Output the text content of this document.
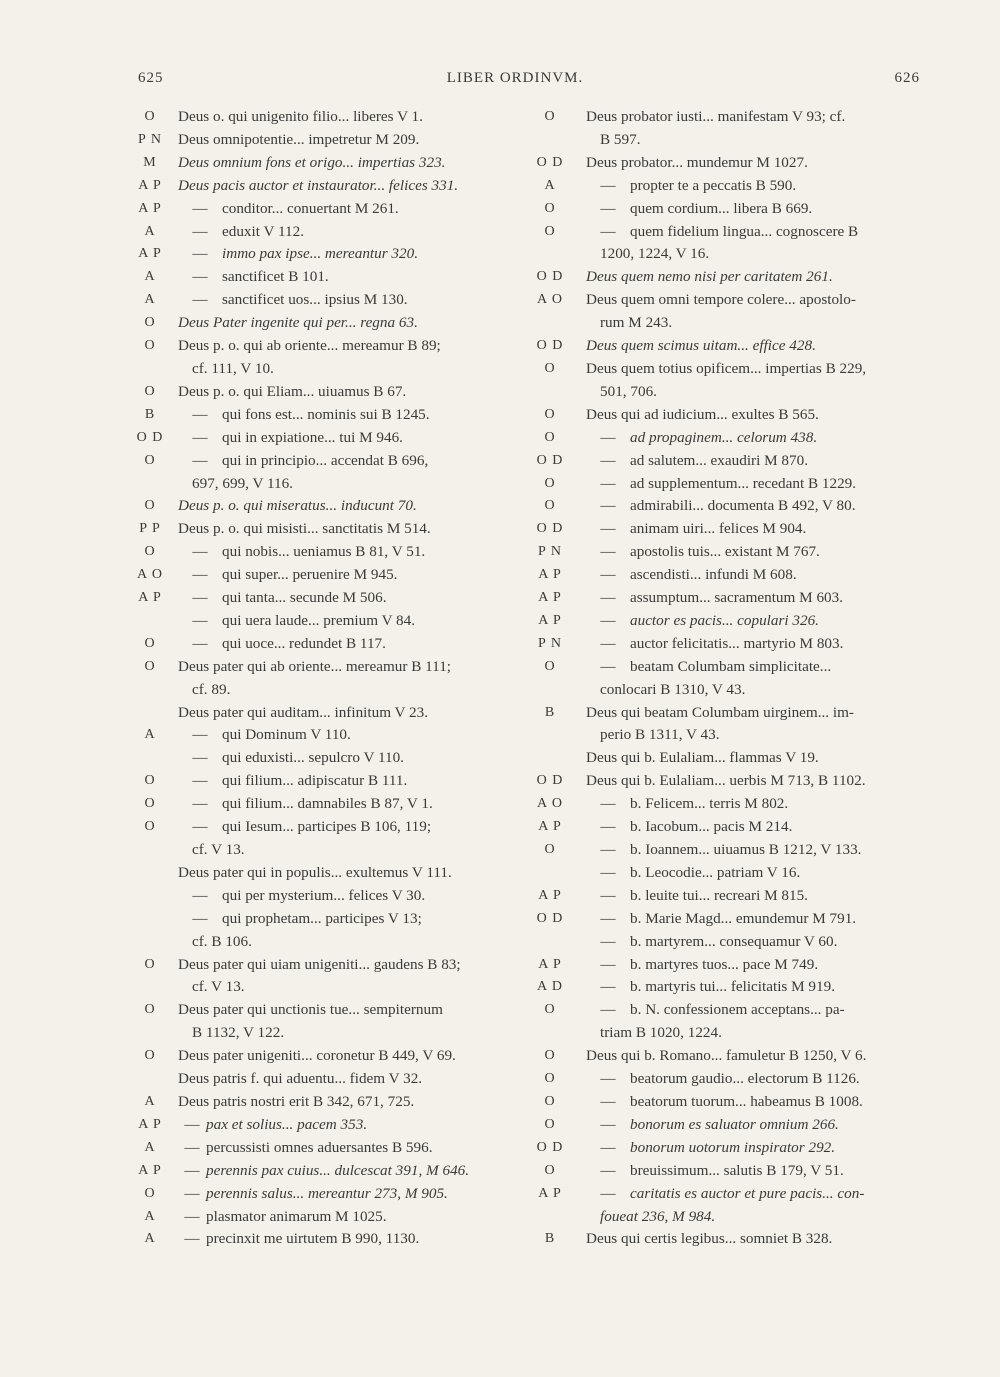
625	LIBER ORDINVM.	626
O	Deus o. qui unigenito filio... liberes V 1.
P N	Deus omnipotentie... impetretur M 209.
M	Deus omnium fons et origo... impertias 323.
A P	Deus pacis auctor et instaurator... felices 331.
A P	— conditor... conuertant M 261.
A	— eduxit V 112.
A P	— immo pax ipse... mereantur 320.
A	— sanctificet B 101.
A	— sanctificet uos... ipsius M 130.
O	Deus Pater ingenite qui per... regna 63.
O	Deus p. o. qui ab oriente... mereamur B 89;
cf. 111, V 10.
O	Deus p. o. qui Eliam... uiuamus B 67.
B	— qui fons est... nominis sui B 1245.
O D	— qui in expiatione... tui M 946.
O	— qui in principio... accendat B 696,
697, 699, V 116.
O	Deus p. o. qui miseratus... inducunt 70.
P P	Deus p. o. qui misisti... sanctitatis M 514.
O	— qui nobis... ueniamus B 81, V 51.
A O	— qui super... peruenire M 945.
A P	— qui tanta... secunde M 506.
— qui uera laude... premium V 84.
O	— qui uoce... redundet B 117.
O	Deus pater qui ab oriente... mereamur B 111;
cf. 89.
Deus pater qui auditam... infinitum V 23.
A	— qui Dominum V 110.
— qui eduxisti... sepulcro V 110.
O	— qui filium... adipiscatur B 111.
O	— qui filium... damnabiles B 87, V 1.
O	— qui Iesum... participes B 106, 119;
cf. V 13.
Deus pater qui in populis... exultemus V 111.
— qui per mysterium... felices V 30.
— qui prophetam... participes V 13;
cf. B 106.
O	Deus pater qui uiam unigeniti... gaudens B 83;
cf. V 13.
O	Deus pater qui unctionis tue... sempiternum
B 1132, V 122.
O	Deus pater unigeniti... coronetur B 449, V 69.
Deus patris f. qui aduentu... fidem V 32.
A	Deus patris nostri erit B 342, 671, 725.
A P	— pax et solius... pacem 353.
A	— percussisti omnes aduersantes B 596.
A P	— perennis pax cuius... dulcescat 391, M 646.
O	— perennis salus... mereantur 273, M 905.
A	— plasmator animarum M 1025.
A	— precinxit me uirtutem B 990, 1130.
O	Deus probator iusti... manifestam V 93; cf.
B 597.
O D	Deus probator... mundemur M 1027.
A	— propter te a peccatis B 590.
O	— quem cordium... libera B 669.
O	— quem fidelium lingua... cognoscere B
1200, 1224, V 16.
O D	Deus quem nemo nisi per caritatem 261.
A O	Deus quem omni tempore colere... apostolo-
rum M 243.
O D	Deus quem scimus uitam... effice 428.
O	Deus quem totius opificem... impertias B 229,
501, 706.
O	Deus qui ad iudicium... exultes B 565.
O	— ad propaginem... celorum 438.
O D	— ad salutem... exaudiri M 870.
O	— ad supplementum... recedant B 1229.
O	— admirabili... documenta B 492, V 80.
O D	— animam uiri... felices M 904.
P N	— apostolis tuis... existant M 767.
A P	— ascendisti... infundi M 608.
A P	— assumptum... sacramentum M 603.
A P	— auctor es pacis... copulari 326.
P N	— auctor felicitatis... martyrio M 803.
O	— beatam Columbam simplicitate...
conlocari B 1310, V 43.
B	Deus qui beatam Columbam uirginem... im-
perio B 1311, V 43.
Deus qui b. Eulaliam... flammas V 19.
O D	Deus qui b. Eulaliam... uerbis M 713, B 1102.
A O	— b. Felicem... terris M 802.
A P	— b. Iacobum... pacis M 214.
O	— b. Ioannem... uiuamus B 1212, V 133.
— b. Leocodie... patriam V 16.
A P	— b. leuite tui... recreari M 815.
O D	— b. Marie Magd... emundemur M 791.
— b. martyrem... consequamur V 60.
A P	— b. martyres tuos... pace M 749.
A D	— b. martyris tui... felicitatis M 919.
O	— b. N. confessionem acceptans... pa-
triam B 1020, 1224.
O	Deus qui b. Romano... famuletur B 1250, V 6.
O	— beatorum gaudio... electorum B 1126.
O	— beatorum tuorum... habeamus B 1008.
O	— bonorum es saluator omnium 266.
O D	— bonorum uotorum inspirator 292.
O	— breuissimum... salutis B 179, V 51.
A P	— caritatis es auctor et pure pacis... con-
foueat 236, M 984.
B	Deus qui certis legibus... somniet B 328.
